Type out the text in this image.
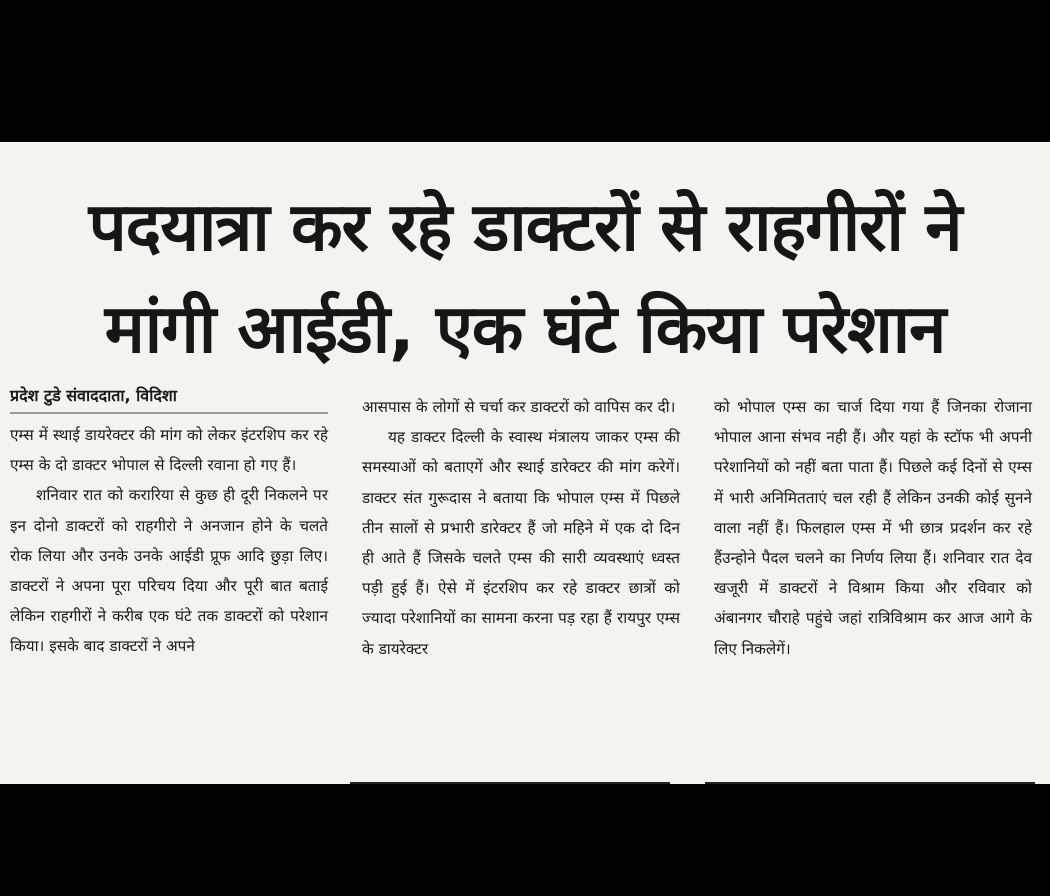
पदयात्रा कर रहे डाक्टरों से राहगीरों ने
मांगी आईडी, एक घंटे किया परेशान

प्रदेश टुडे संवाददाता, विदिशा

एम्स में स्थाई डायरेक्टर की मांग को लेकर इंटरशिप कर रहे एम्स के दो डाक्टर भोपाल से दिल्ली रवाना हो गए हैं।

शनिवार रात को करारिया से कुछ ही दूरी निकलने पर इन दोनो डाक्टरों को राहगीरो ने अनजान होने के चलते रोक लिया और उनके उनके आईडी प्रूफ आदि छुड़ा लिए। डाक्टरों ने अपना पूरा परिचय दिया और पूरी बात बताई लेकिन राहगीरों ने करीब एक घंटे तक डाक्टरों को परेशान किया। इसके बाद डाक्टरों ने अपने

आसपास के लोगों से चर्चा कर डाक्टरों को वापिस कर दी।

यह डाक्टर दिल्ली के स्वास्थ मंत्रालय जाकर एम्स की समस्याओं को बताएगें और स्थाई डारेक्टर की मांग करेगें। डाक्टर संत गुरूदास ने बताया कि भोपाल एम्स में पिछले तीन सालों से प्रभारी डारेक्टर हैं जो महिने में एक दो दिन ही आते हैं जिसके चलते एम्स की सारी व्यवस्थाएं ध्वस्त पड़ी हुई हैं। ऐसे में इंटरशिप कर रहे डाक्टर छात्रों को ज्यादा परेशानियों का सामना करना पड़ रहा हैं रायपुर एम्स के डायरेक्टर

को भोपाल एम्स का चार्ज दिया गया हैं जिनका रोजाना भोपाल आना संभव नही हैं। और यहां के स्टॉफ भी अपनी परेशानियों को नहीं बता पाता हैं। पिछले कई दिनों से एम्स में भारी अनिमितताएं चल रही हैं लेकिन उनकी कोई सुनने वाला नहीं हैं। फिलहाल एम्स में भी छात्र प्रदर्शन कर रहे हैंउन्होने पैदल चलने का निर्णय लिया हैं। शनिवार रात देव खजूरी में डाक्टरों ने विश्राम किया और रविवार को अंबानगर चौराहे पहुंचे जहां रात्रिविश्राम कर आज आगे के लिए निकलेगें।
